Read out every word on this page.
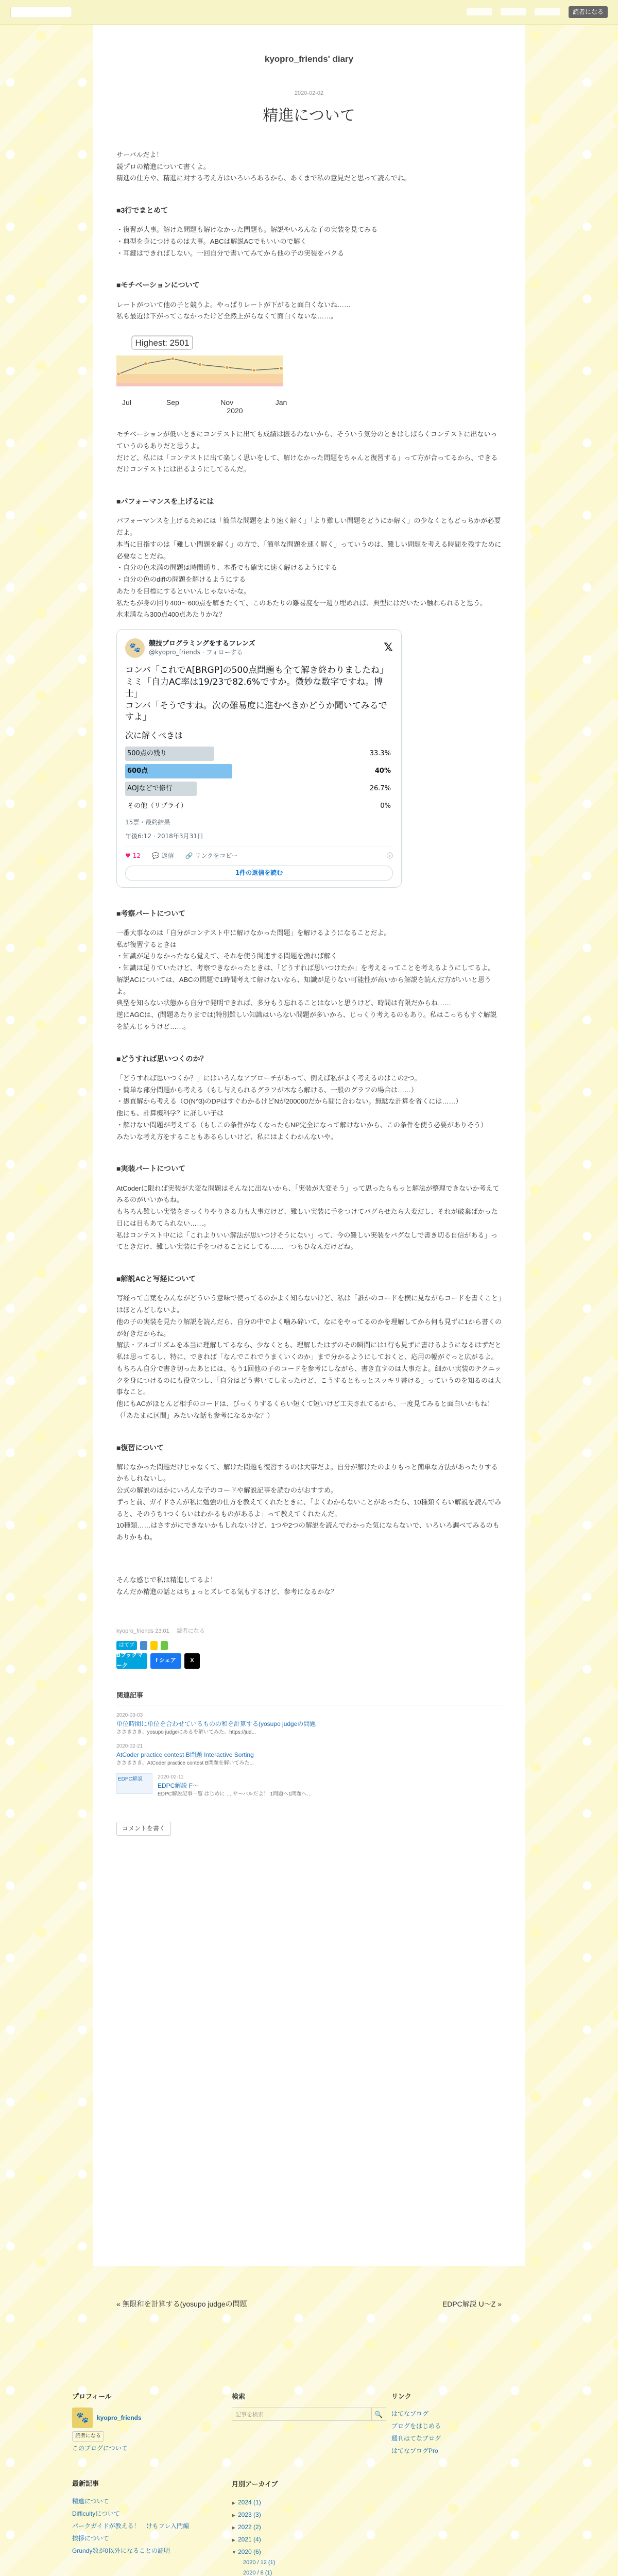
読者になる
kyopro_friends' diary
2020-02-02
精進について

サーバルだよ！

競プロの精進について書くよ。

精進の仕方や、精進に対する考え方はいろいろあるから、あくまで私の意見だと思って読んでね。

■3行でまとめて
・復習が大事。解けた問題も解けなかった問題も。解説やいろんな子の実装を見てみる
・典型を身につけるのは大事。ABCは解説ACでもいいので解く
・耳鍵はできればしない。一回自分で書いてみてから他の子の実装をパクる
■モチベーションについて

レートがついて他の子と競うよ。やっぱりレートが下がると面白くないね……

私も最近は下がってこなかったけど全然上がらなくて面白くないな……。

Jul	Sep	Nov	Jan
Highest: 2501
2020

モチベーションが低いときにコンテストに出ても成績は振るわないから、そういう気分のときはしばらくコンテストに出ないっていうのもありだと思うよ。

だけど、私には「コンテストに出て楽しく思いをして、解けなかった問題をちゃんと復習する」って方が合ってるから、できるだけコンテストには出るようにしてるんだ。

■パフォーマンスを上げるには

パフォーマンスを上げるためには「簡単な問題をより速く解く」「より難しい問題をどうにか解く」の少なくともどっちかが必要だよ。

本当に目指すのは「難しい問題を解く」の方で、「簡単な問題を速く解く」っていうのは、難しい問題を考える時間を残すために必要なことだね。

・自分の色未満の問題は時間通り、本番でも確実に速く解けるようにする

・自分の色のdiffの問題を解けるようにする

あたりを目標にするといいんじゃないかな。

私たちが身の回り400〜600点を解きたくて、このあたりの難易度を一週り埋めれば、典型にはだいたい触れられると思う。

水未満なら300点400点あたりかな？

🐾	競技プログラミングをするフレンズ
@kyopro_friends · フォローする	𝕏
コンバ「これでA[BRGP]の500点問題も全て解き終わりましたね」
ミミ「自力AC率は19/23で82.6%ですか。微妙な数字ですね。博士」
コンバ「そうですね。次の難易度に進むべきかどうか聞いてみるですよ」
次に解くべきは
500点の残り	33.3%
600点	40%
AOJなどで修行	26.7%
その他（リプライ）	0%
15票・最終結果
午後6:12 · 2018年3月31日
♥ 12 💬 返信 🔗 リンクをコピー	ⓘ
1件の返信を読む
■考察パートについて

一番大事なのは「自分がコンテスト中に解けなかった問題」を解けるようになることだよ。

私が復習するときは

・知識が足りなかったなら覚えて、それを使う関連する問題を漁れば解く

・知識は足りていたけど、考察できなかったときは、「どうすれば思いつけたか」を考えるってことを考えるようにしてるよ。

解説ACについては、ABCの問題で1時間考えて解けないなら、知識が足りない可能性が高いから解説を読んだ方がいいと思うよ。

典型を知らない状態から自分で発明できれば、多分もう忘れることはないと思うけど、時間は有限だからね……

逆にAGCは、(問題あたりまでは)特別難しい知識はいらない問題が多いから、じっくり考えるのもあり。私はこっちもすぐ解説を読んじゃうけど……。

■どうすれば思いつくのか？

「どうすれば思いつくか？」にはいろんなアプローチがあって、例えば私がよく考えるのはこの2つ。

・簡単な部分問題から考える（もし与えられるグラフが木なら解ける、一般のグラフの場合は……）

・愚直解から考える（O(N^3)のDPはすぐわかるけどNが200000だから間に合わない。無駄な計算を省くには……）

他にも、計算機科学？に詳しい子は

・解けない問題が考えてる（もしこの条件がなくなったらNP完全になって解けないから、この条件を使う必要がありそう）

みたいな考え方をすることもあるらしいけど、私にはよくわかんないや。

■実装パートについて

AtCoderに限れば実装が大変な問題はそんなに出ないから、「実装が大変そう」って思ったらもっと解法が整理できないか考えてみるのがいいかもね。

もちろん難しい実装をさっくりやりきる力も大事だけど、難しい実装に手をつけてバグらせたら大変だし、それが破棄ばかった日には目もあてられない……。

私はコンテスト中には「これよりいい解法が思いつけそうにない」って、今の難しい実装をバグなしで書き切る自信がある」ってときだけ、難しい実装に手をつけることにしてる……一つもひなんだけどね。

■解説ACと写経について

写経って言葉をみんながどういう意味で使ってるのかよく知らないけど、私は「誰かのコードを横に見ながらコードを書くこと」はほとんどしないよ。

他の子の実装を見たり解説を読んだら、自分の中でよく噛み砕いて、なにをやってるのかを理解してから何も見ずに1から書くのが好きだからね。

解法・アルゴリズムを本当に理解してるなら、少なくとも、理解したはずのその瞬間には1行も見ずに書けるようになるはずだと私は思ってるし、特に、できれば「なんでこれでうまくいくのか」まで分かるようにしておくと、応用の幅がぐっと広がるよ。

もちろん自分で書き切ったあとには、もう1回他の子のコードを参考にしながら、書き直すのは大事だよ。細かい実装のテクニックを身につけるのにも役立つし、「自分はどう書いてしまったけど、こうするともっとスッキリ書ける」っていうのを知るのは大事なこと。

他にもACがほとんど相手のコードは、びっくりするくらい短くて短いけど工夫されてるから、一度見てみると面白いかもね！

（「あたまに区間」みたいな話も参考になるかな？）

■復習について

解けなかった問題だけじゃなくて、解けた問題も復習するのは大事だよ。自分が解けたのよりもっと簡単な方法があったりするかもしれないし。

公式の解説のほかにいろんな子のコードや解説記事を読むのがおすすめ。

ずっと前、ガイドさんが私に勉強の仕方を教えてくれたときに、「よくわからないことがあったら、10種類くらい解説を読んでみると、そのうち1つくらいはわかるものがあるよ」って教えてくれたんだ。

10種類……はさすがにできないかもしれないけど、1つや2つの解説を読んでわかった気にならないで、いろいろ調べてみるのもありかもね。

そんな感じで私は精進してるよ！

なんだか精進の話とはちょっとズレてる気もするけど、参考になるかな？

kyopro_friends 23:01　 読者になる
はてブ
Bブックマーク
f シェア	X
関連記事
2020-03-03
単位時間に単位を合わせているものの和を計算する(yosupo judgeの問題
ささきさき、yosupo judgeにあるを解いてみた。https://jud...
2020-02-21
AtCoder practice contest B問題 Interactive Sorting
ささきさき、AtCoder practice contest B問題を解いてみた...
EDPC解説	2020-02-11
EDPC解説 F〜
EDPC解説記事一覧 はじめに … サーバルだよ！ 1問題へ1問題へ…
コメントを書く
« 無限和を計算する(yosupo judgeの問題	EDPC解説 U〜Z »
プロフィール
🐾	kyopro_friends
読者になる
このブログについて
検索
記事を検索	🔍
リンク
はてなブログ
ブログをはじめる
週刊はてなブログ
はてなブログPro
最新記事
精進について
Difficultyについて
パークガイドが教える！　けもフレ入門編
挨拶について
Grundy数が0以外になることの証明
月別アーカイブ
▶ 2024 (1)
▶ 2023 (3)
▶ 2022 (2)
▶ 2021 (4)
▼ 2020 (6)
2020 / 12 (1)
2020 / 8 (1)
